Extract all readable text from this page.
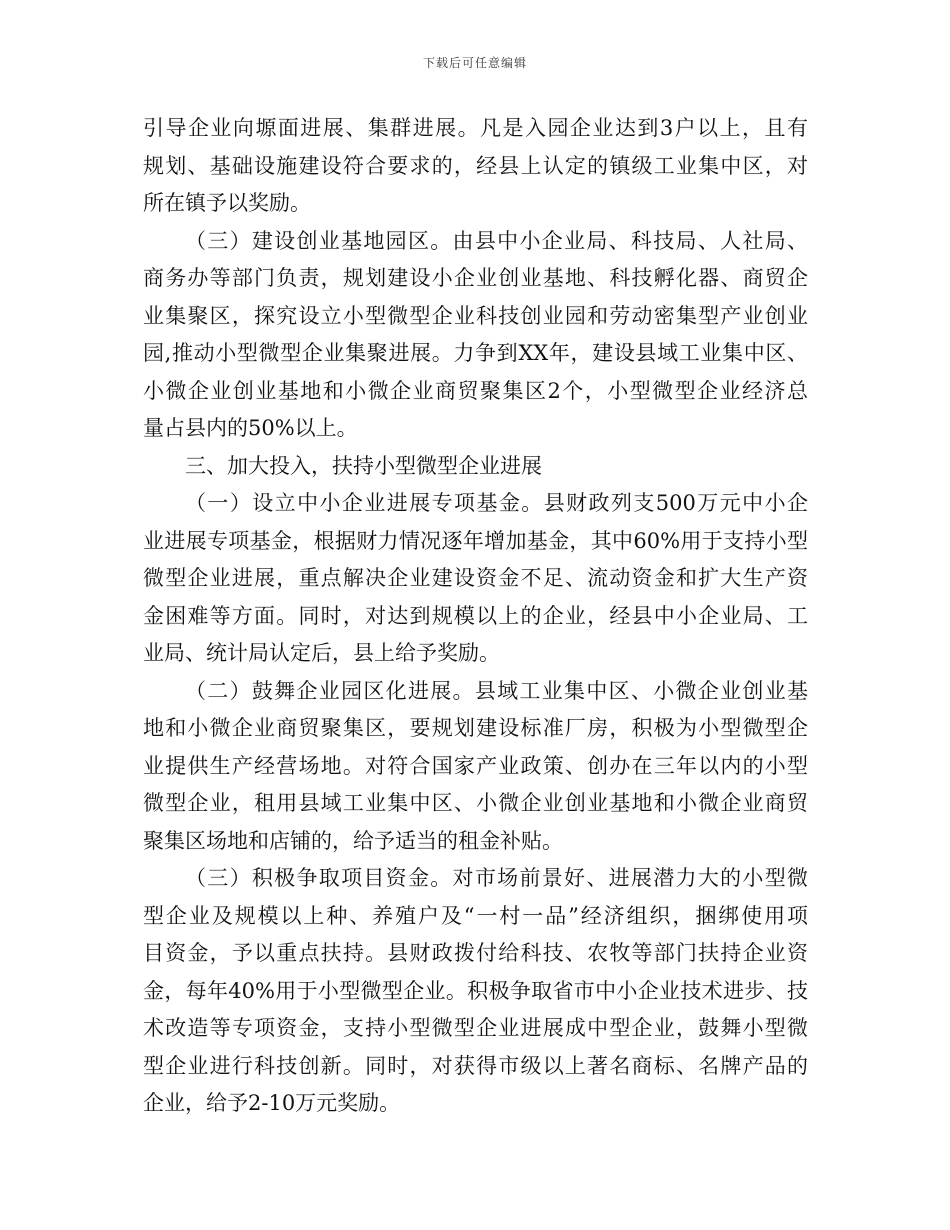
下载后可任意编辑
引导企业向塬面进展、集群进展。凡是入园企业达到3户以上，且有
规划、基础设施建设符合要求的，经县上认定的镇级工业集中区，对
所在镇予以奖励。
（三）建设创业基地园区。由县中小企业局、科技局、人社局、
商务办等部门负责，规划建设小企业创业基地、科技孵化器、商贸企
业集聚区，探究设立小型微型企业科技创业园和劳动密集型产业创业
园,推动小型微型企业集聚进展。力争到XX年，建设县域工业集中区、
小微企业创业基地和小微企业商贸聚集区2个，小型微型企业经济总
量占县内的50%以上。
三、加大投入，扶持小型微型企业进展
（一）设立中小企业进展专项基金。县财政列支500万元中小企
业进展专项基金，根据财力情况逐年增加基金，其中60%用于支持小型
微型企业进展，重点解决企业建设资金不足、流动资金和扩大生产资
金困难等方面。同时，对达到规模以上的企业，经县中小企业局、工
业局、统计局认定后，县上给予奖励。
（二）鼓舞企业园区化进展。县域工业集中区、小微企业创业基
地和小微企业商贸聚集区，要规划建设标准厂房，积极为小型微型企
业提供生产经营场地。对符合国家产业政策、创办在三年以内的小型
微型企业，租用县域工业集中区、小微企业创业基地和小微企业商贸
聚集区场地和店铺的，给予适当的租金补贴。
（三）积极争取项目资金。对市场前景好、进展潜力大的小型微
型企业及规模以上种、养殖户及“一村一品”经济组织，捆绑使用项
目资金，予以重点扶持。县财政拨付给科技、农牧等部门扶持企业资
金，每年40%用于小型微型企业。积极争取省市中小企业技术进步、技
术改造等专项资金，支持小型微型企业进展成中型企业，鼓舞小型微
型企业进行科技创新。同时，对获得市级以上著名商标、名牌产品的
企业，给予2-10万元奖励。
